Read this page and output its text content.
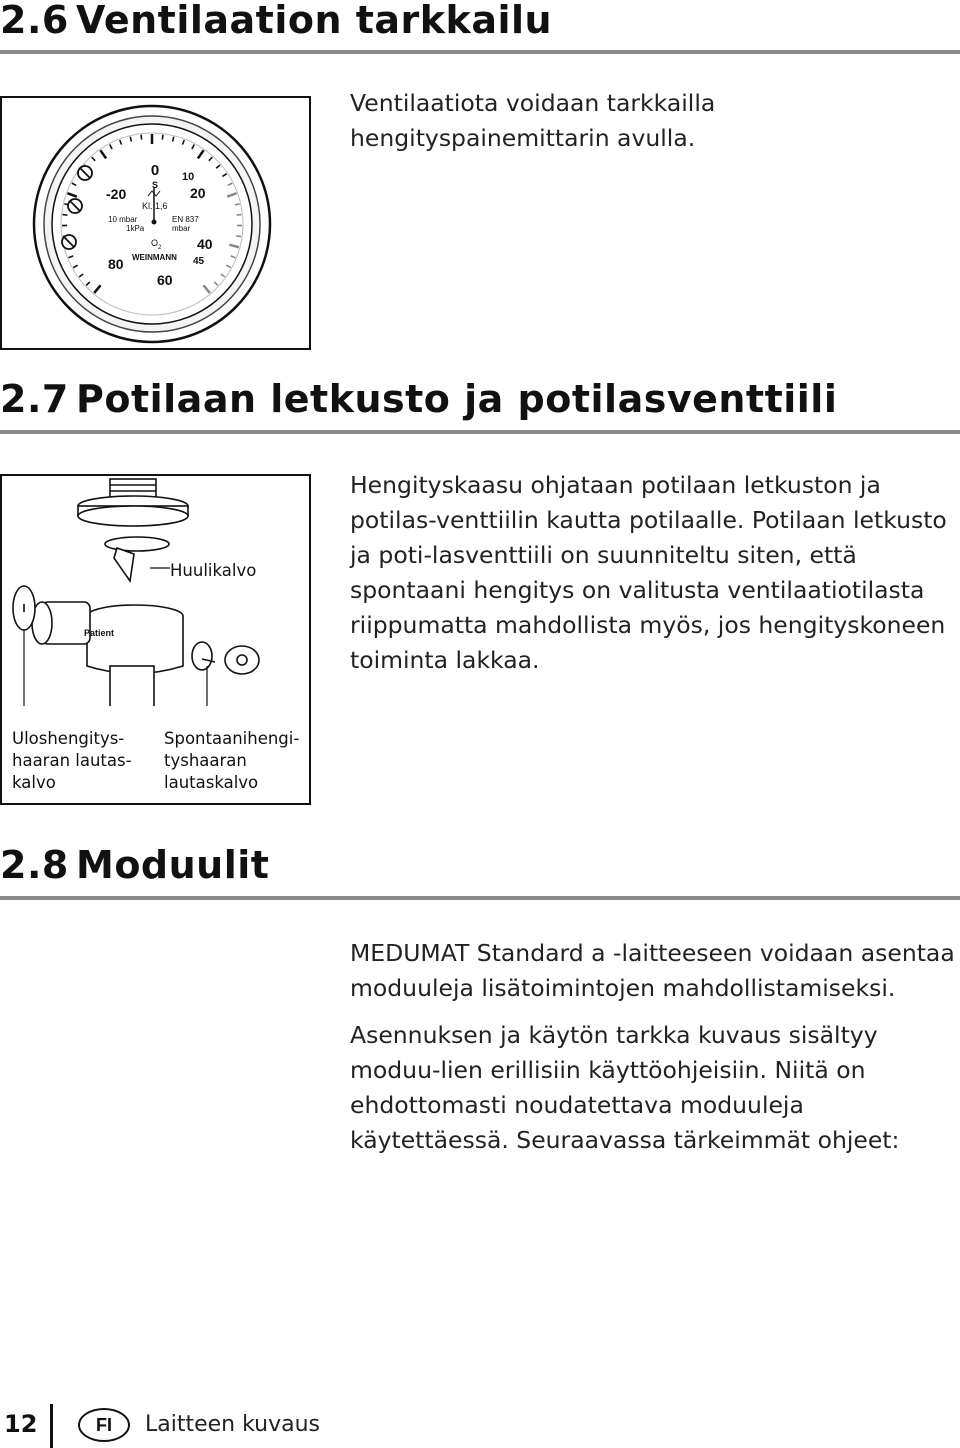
2.6 Ventilaation tarkkailu
0 10
20
40
45
60
80
-20
S
Kl. 1,6
10 mbar
1kPa
EN 837
mbar
O 2
WEINMANN

Ventilaatiota voidaan tarkkailla hengityspainemittarin avulla.

2.7 Potilaan letkusto ja potilasventtiili
Patient
Huulikalvo
Uloshengitys-
haaran lautas-
kalvo
Spontaanihengi-
tyshaaran
lautaskalvo

Hengityskaasu ohjataan potilaan letkuston ja potilas-venttiilin kautta potilaalle. Potilaan letkusto ja poti-lasventtiili on suunniteltu siten, että spontaani hengitys on valitusta ventilaatiotilasta riippumatta mahdollista myös, jos hengityskoneen toiminta lakkaa.

2.8 Moduulit

MEDUMAT Standard a -laitteeseen voidaan asentaa moduuleja lisätoimintojen mahdollistamiseksi.

Asennuksen ja käytön tarkka kuvaus sisältyy moduu-lien erillisiin käyttöohjeisiin. Niitä on ehdottomasti noudatettava moduuleja käytettäessä. Seuraavassa tärkeimmät ohjeet:

12	FI	Laitteen kuvaus
